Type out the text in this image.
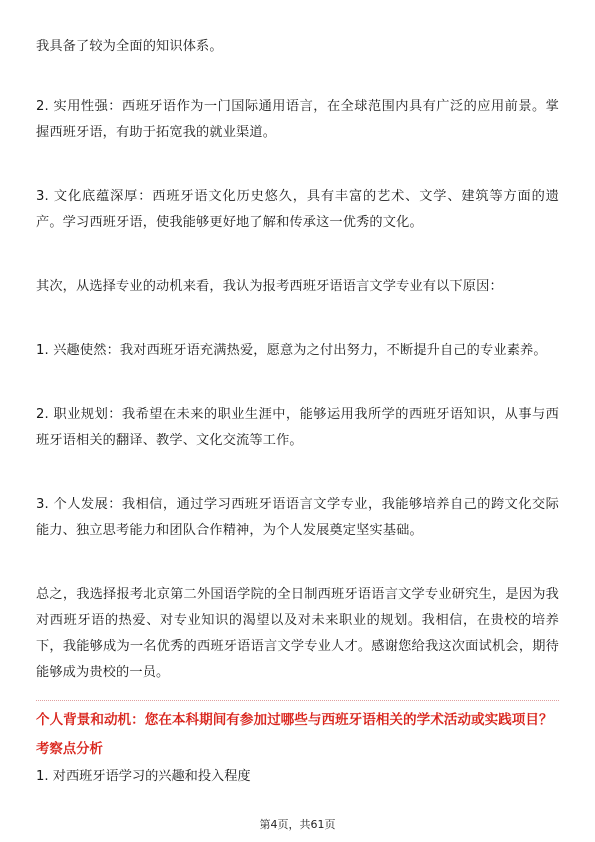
我具备了较为全面的知识体系。

2. 实用性强：西班牙语作为一门国际通用语言，在全球范围内具有广泛的应用前景。掌握西班牙语，有助于拓宽我的就业渠道。

3. 文化底蕴深厚：西班牙语文化历史悠久，具有丰富的艺术、文学、建筑等方面的遗产。学习西班牙语，使我能够更好地了解和传承这一优秀的文化。

其次，从选择专业的动机来看，我认为报考西班牙语语言文学专业有以下原因：

1. 兴趣使然：我对西班牙语充满热爱，愿意为之付出努力，不断提升自己的专业素养。

2. 职业规划：我希望在未来的职业生涯中，能够运用我所学的西班牙语知识，从事与西班牙语相关的翻译、教学、文化交流等工作。

3. 个人发展：我相信，通过学习西班牙语语言文学专业，我能够培养自己的跨文化交际能力、独立思考能力和团队合作精神，为个人发展奠定坚实基础。

总之，我选择报考北京第二外国语学院的全日制西班牙语语言文学专业研究生，是因为我对西班牙语的热爱、对专业知识的渴望以及对未来职业的规划。我相信，在贵校的培养下，我能够成为一名优秀的西班牙语语言文学专业人才。感谢您给我这次面试机会，期待能够成为贵校的一员。

个人背景和动机：您在本科期间有参加过哪些与西班牙语相关的学术活动或实践项目？

考察点分析

1. 对西班牙语学习的兴趣和投入程度

第4页，共61页
